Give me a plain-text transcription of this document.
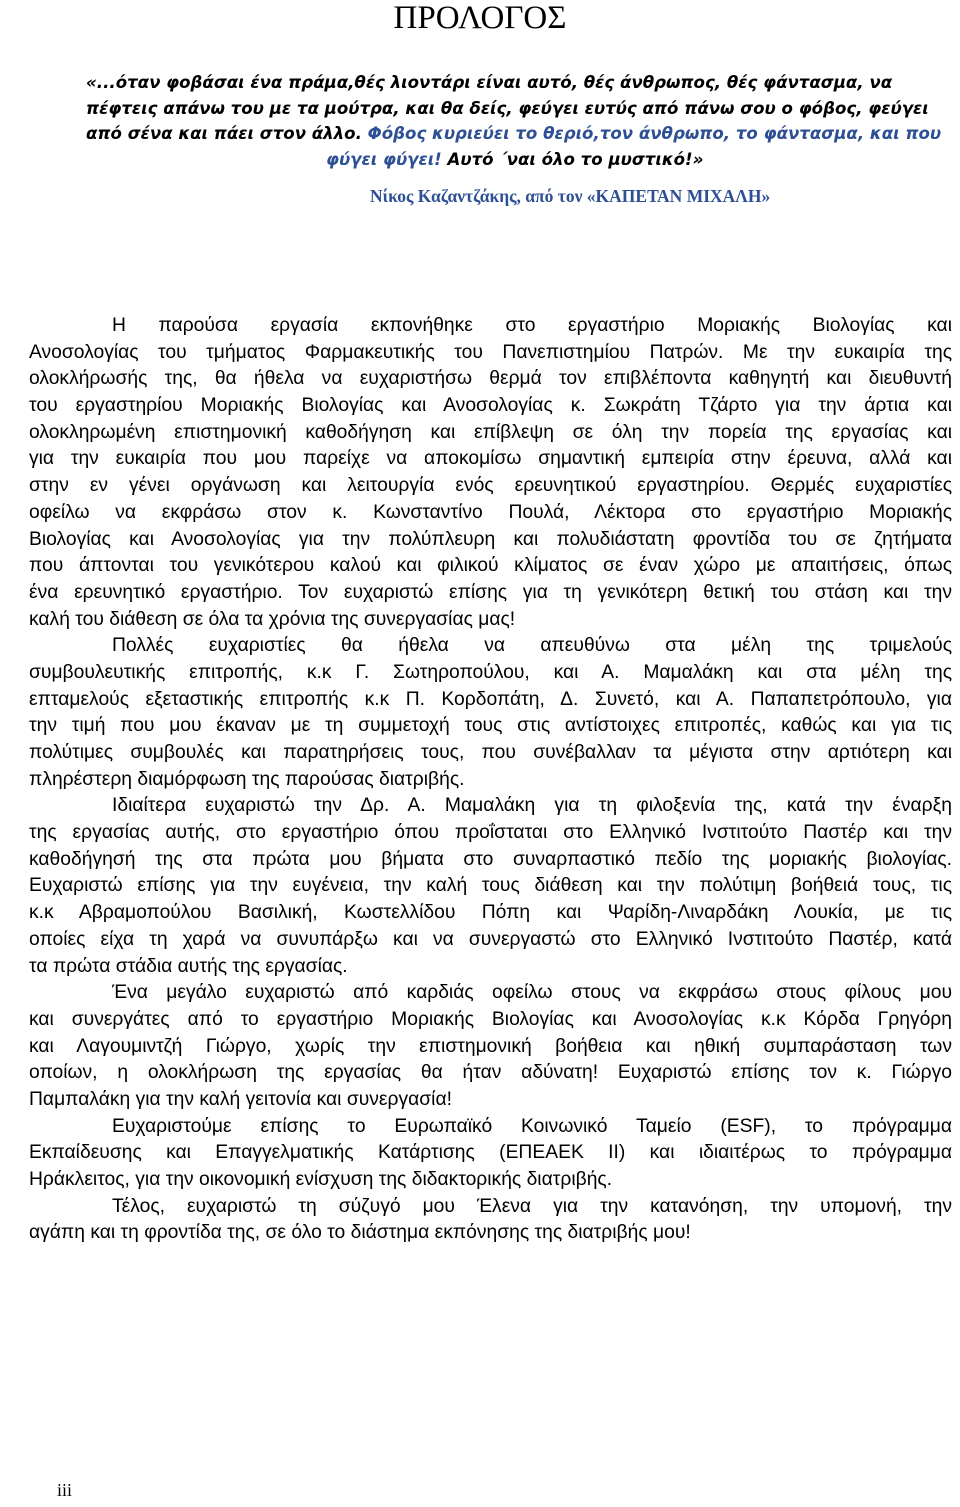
ΠΡΟΛΟΓΟΣ
«...όταν φοβάσαι ένα πράμα,θές λιοντάρι είναι αυτό, θές άνθρωπος, θές φάντασμα, να
πέφτεις απάνω του με τα μούτρα, και θα δείς, φεύγει ευτύς από πάνω σου ο φόβος, φεύγει
από σένα και πάει στον άλλο. Φόβος κυριεύει το θεριό,τον άνθρωπο, το φάντασμα, και που
φύγει φύγει! Αυτό ΄ναι όλο το μυστικό!»

Νίκος Καζαντζάκης, από τον «ΚΑΠΕΤΑΝ ΜΙΧΑΛΗ»

Η παρούσα εργασία εκπονήθηκε στο εργαστήριο Μοριακής Βιολογίας και
Ανοσολογίας του τμήματος Φαρμακευτικής του Πανεπιστημίου Πατρών. Με την ευκαιρία της
ολοκλήρωσής της, θα ήθελα να ευχαριστήσω θερμά τον επιβλέποντα καθηγητή και διευθυντή
του εργαστηρίου Μοριακής Βιολογίας και Ανοσολογίας κ. Σωκράτη Τζάρτο για την άρτια και
ολοκληρωμένη επιστημονική καθοδήγηση και επίβλεψη σε όλη την πορεία της εργασίας και
για την ευκαιρία που μου παρείχε να αποκομίσω σημαντική εμπειρία στην έρευνα, αλλά και
στην εν γένει οργάνωση και λειτουργία ενός ερευνητικού εργαστηρίου. Θερμές ευχαριστίες
οφείλω να εκφράσω στον κ. Κωνσταντίνο Πουλά, Λέκτορα στο εργαστήριο Μοριακής
Βιολογίας και Ανοσολογίας για την πολύπλευρη και πολυδιάστατη φροντίδα του σε ζητήματα
που άπτονται του γενικότερου καλού και φιλικού κλίματος σε έναν χώρο με απαιτήσεις, όπως
ένα ερευνητικό εργαστήριο. Τον ευχαριστώ επίσης για τη γενικότερη θετική του στάση και την
καλή του διάθεση σε όλα τα χρόνια της συνεργασίας μας!
Πολλές ευχαριστίες θα ήθελα να απευθύνω στα μέλη της τριμελούς
συμβουλευτικής επιτροπής, κ.κ Γ. Σωτηροπούλου, και Α. Μαμαλάκη και στα μέλη της
επταμελούς εξεταστικής επιτροπής κ.κ Π. Κορδοπάτη, Δ. Συνετό, και Α. Παπαπετρόπουλο, για
την τιμή που μου έκαναν με τη συμμετοχή τους στις αντίστοιχες επιτροπές, καθώς και για τις
πολύτιμες συμβουλές και παρατηρήσεις τους, που συνέβαλλαν τα μέγιστα στην αρτιότερη και
πληρέστερη διαμόρφωση της παρούσας διατριβής.
Ιδιαίτερα ευχαριστώ την Δρ. Α. Μαμαλάκη για τη φιλοξενία της, κατά την έναρξη
της εργασίας αυτής, στο εργαστήριο όπου προΐσταται στο Ελληνικό Ινστιτούτο Παστέρ και την
καθοδήγησή της στα πρώτα μου βήματα στο συναρπαστικό πεδίο της μοριακής βιολογίας.
Ευχαριστώ επίσης για την ευγένεια, την καλή τους διάθεση και την πολύτιμη βοήθειά τους, τις
κ.κ Αβραμοπούλου Βασιλική, Κωστελλίδου Πόπη και Ψαρίδη-Λιναρδάκη Λουκία, με τις
οποίες είχα τη χαρά να συνυπάρξω και να συνεργαστώ στο Ελληνικό Ινστιτούτο Παστέρ, κατά
τα πρώτα στάδια αυτής της εργασίας.
Ένα μεγάλο ευχαριστώ από καρδιάς οφείλω στους να εκφράσω στους φίλους μου
και συνεργάτες από το εργαστήριο Μοριακής Βιολογίας και Ανοσολογίας κ.κ Κόρδα Γρηγόρη
και Λαγουμιντζή Γιώργο, χωρίς την επιστημονική βοήθεια και ηθική συμπαράσταση των
οποίων, η ολοκλήρωση της εργασίας θα ήταν αδύνατη! Ευχαριστώ επίσης τον κ. Γιώργο
Παμπαλάκη για την καλή γειτονία και συνεργασία!
Ευχαριστούμε επίσης το Ευρωπαϊκό Κοινωνικό Ταμείο (ESF), το πρόγραμμα
Εκπαίδευσης και Επαγγελματικής Κατάρτισης (ΕΠΕΑΕΚ ΙΙ) και ιδιαιτέρως το πρόγραμμα
Ηράκλειτος, για την οικονομική ενίσχυση της διδακτορικής διατριβής.
Τέλος, ευχαριστώ τη σύζυγό μου Έλενα για την κατανόηση, την υπομονή, την
αγάπη και τη φροντίδα της, σε όλο το διάστημα εκπόνησης της διατριβής μου!

iii
